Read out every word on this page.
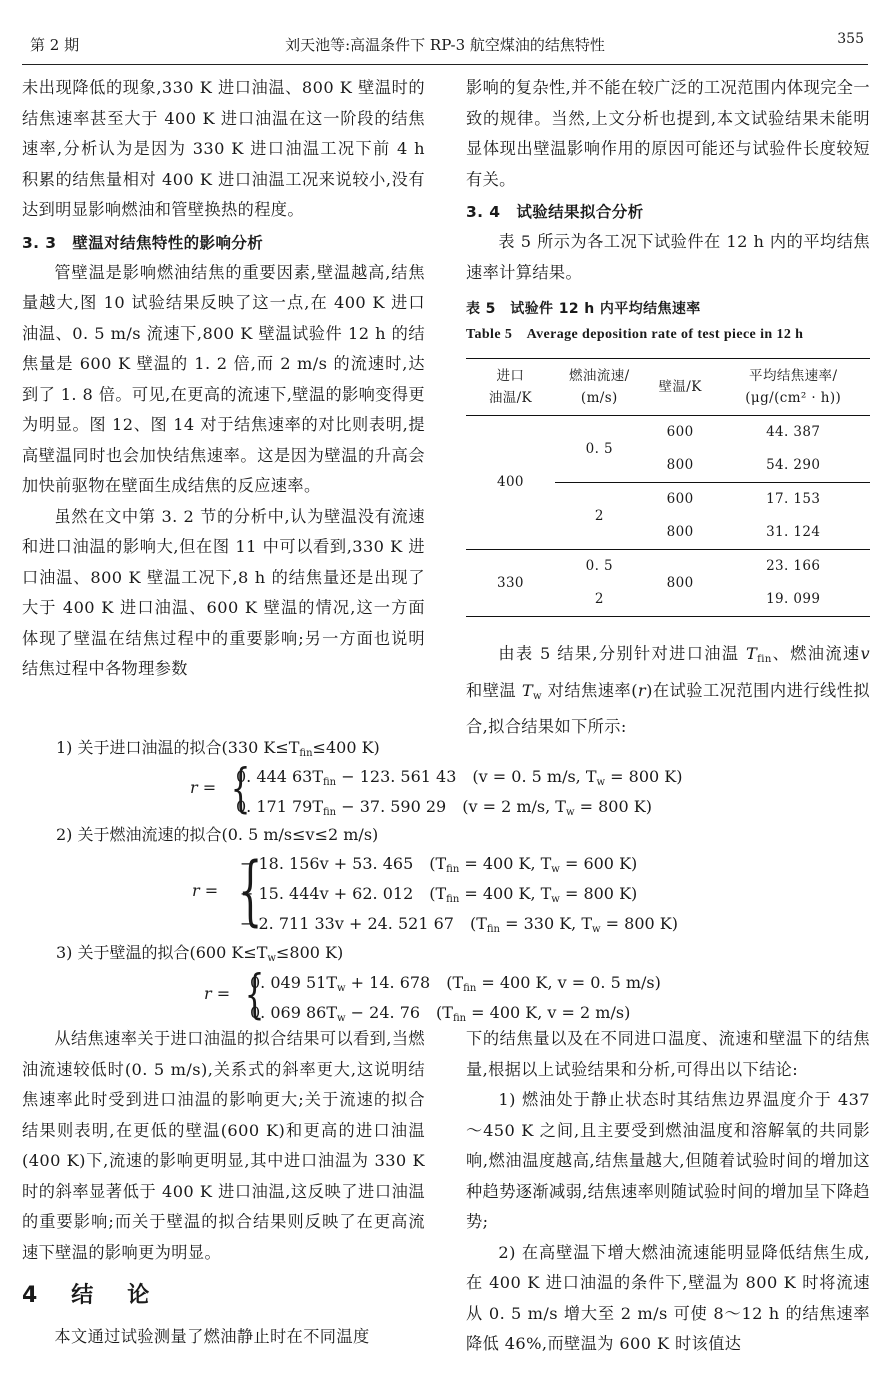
第 2 期	刘天池等:高温条件下 RP-3 航空煤油的结焦特性	355

未出现降低的现象,330 K 进口油温、800 K 壁温时的结焦速率甚至大于 400 K 进口油温在这一阶段的结焦速率,分析认为是因为 330 K 进口油温工况下前 4 h 积累的结焦量相对 400 K 进口油温工况来说较小,没有达到明显影响燃油和管壁换热的程度。

3. 3　壁温对结焦特性的影响分析

管壁温是影响燃油结焦的重要因素,壁温越高,结焦量越大,图 10 试验结果反映了这一点,在 400 K 进口油温、0. 5 m/s 流速下,800 K 壁温试验件 12 h 的结焦量是 600 K 壁温的 1. 2 倍,而 2 m/s 的流速时,达到了 1. 8 倍。可见,在更高的流速下,壁温的影响变得更为明显。图 12、图 14 对于结焦速率的对比则表明,提高壁温同时也会加快结焦速率。这是因为壁温的升高会加快前驱物在壁面生成结焦的反应速率。

虽然在文中第 3. 2 节的分析中,认为壁温没有流速和进口油温的影响大,但在图 11 中可以看到,330 K 进口油温、800 K 壁温工况下,8 h 的结焦量还是出现了大于 400 K 进口油温、600 K 壁温的情况,这一方面体现了壁温在结焦过程中的重要影响;另一方面也说明结焦过程中各物理参数

影响的复杂性,并不能在较广泛的工况范围内体现完全一致的规律。当然,上文分析也提到,本文试验结果未能明显体现出壁温影响作用的原因可能还与试验件长度较短有关。

3. 4　试验结果拟合分析

表 5 所示为各工况下试验件在 12 h 内的平均结焦速率计算结果。

表 5　试验件 12 h 内平均结焦速率

Table 5　Average deposition rate of test piece in 12 h

进口
油温/K	燃油流速/
(m/s)	壁温/K	平均结焦速率/
(μg/(cm² · h))
400	0. 5	600	44. 387
		800	54. 290
	2	600	17. 153
		800	31. 124
330	0. 5	800	23. 166
	2		19. 099

由表 5 结果,分别针对进口油温 $T_{fin}$、燃油流速v 和壁温 $T_w$ 对结焦速率(r)在试验工况范围内进行线性拟合,拟合结果如下所示:

1) 关于进口油温的拟合(330 $K\le T_{fin}\le 400$ K)
r = {
0. 444 $63T_{fin} - 123$. 561 43　(v = 0. 5 m/s, $T_w = 800$ K)
0. 171 $79T_{fin} - 37$. 590 29　(v = 2 m/s, $T_w = 800$ K)
2) 关于燃油流速的拟合(0. 5 m/s≤v≤2 m/s)
r = {
− 18. 156v + 53. 465　($T_{fin} = 400$ K, $T_w = 600$ K)
− 15. 444v + 62. 012　($T_{fin} = 400$ K, $T_w = 800$ K)
− 2. 711 33v + 24. 521 67　($T_{fin} = 330$ K, $T_w = 800$ K)
3) 关于壁温的拟合(600 $K\le T_w\le 800$ K)
r = {
0. 049 $51T_w + 14$. 678　($T_{fin} = 400$ K, v = 0. 5 m/s)
0. 069 $86T_w - 24$. 76　($T_{fin} = 400$ K, v = 2 m/s)

从结焦速率关于进口油温的拟合结果可以看到,当燃油流速较低时(0. 5 m/s),关系式的斜率更大,这说明结焦速率此时受到进口油温的影响更大;关于流速的拟合结果则表明,在更低的壁温(600 K)和更高的进口油温(400 K)下,流速的影响更明显,其中进口油温为 330 K 时的斜率显著低于 400 K 进口油温,这反映了进口油温的重要影响;而关于壁温的拟合结果则反映了在更高流速下壁温的影响更为明显。

4　结　论

本文通过试验测量了燃油静止时在不同温度

下的结焦量以及在不同进口温度、流速和壁温下的结焦量,根据以上试验结果和分析,可得出以下结论:

1) 燃油处于静止状态时其结焦边界温度介于 437～450 K 之间,且主要受到燃油温度和溶解氧的共同影响,燃油温度越高,结焦量越大,但随着试验时间的增加这种趋势逐渐减弱,结焦速率则随试验时间的增加呈下降趋势;

2) 在高壁温下增大燃油流速能明显降低结焦生成,在 400 K 进口油温的条件下,壁温为 800 K 时将流速从 0. 5 m/s 增大至 2 m/s 可使 8～12 h 的结焦速率降低 46%,而壁温为 600 K 时该值达
